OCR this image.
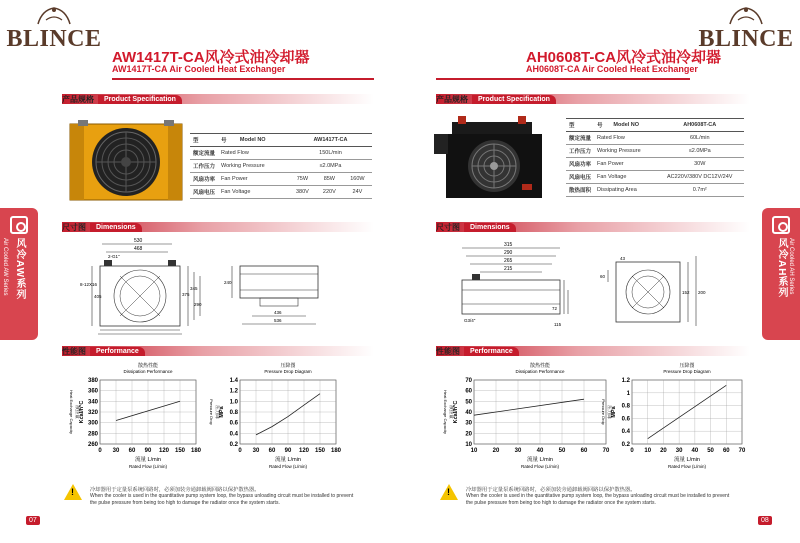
BLINCE
AW1417T-CA风冷式油冷却器
AW1417T-CA Air Cooled Heat Exchanger
产品规格	Product Specification
型	号	Model NO	AW1417T-CA		
额定流量	Rated Flow		150L/min		
工作压力	Working Pressure		≤2.0MPa		
风扇功率	Fan Power		75W	85W	160W
风扇电压	Fan Voltage		380V	220V	24V
尺寸图	Dimensions
530
468
2-G1"
8-12X16
405	375
345
290
240
436
536
性能图	Performance
散热性能
Dissipation Performance
380
360
340
320
300
280
260
0 30 60 90 120 150 180
流量 L/min
Rated Flow (L/min)
Heat Exchange Capacity 散热量 Kcal/h°C
压降图
Pressure Drop Diagram
1.4
1.2
1.0
0.8
0.6
0.4
0.2
0 30 60 90 120 150 180
流量 L/min
Rated Flow (L/min)
Pressure Drop 压力降 MPa
!	冷却器用于定量泵系统回路时，必须加装旁通卸载阀回路以保护散热器。
When the cooler is used in the quantitative pump system loop, the bypass unloading circuit must be installed to prevent
the pulse pressure from being too high to damage the radiator once the system starts.
07
风冷AW系列
Air Cooled AW Series
BLINCE
AH0608T-CA风冷式油冷却器
AH0608T-CA Air Cooled Heat Exchanger
产品规格	Product Specification
型	号	Model NO	AH0608T-CA
额定流量	Rated Flow		60L/min
工作压力	Working Pressure		≤2.0MPa
风扇功率	Fan Power		30W
风扇电压	Fan Voltage		AC220V/380V DC12V/24V
散热面积	Dissipating Area		0.7m²
尺寸图	Dimensions
315
290
265
215
G3/4"
72
115
43
60
152 200
性能图	Performance
散热性能
Dissipation Performance
70
60
50
40
30
20
10
10	20	30	40	50	60	70
流量 L/min
Rated Flow (L/min)
Heat Exchange Capacity 散热量 Kcal/h°C
压降图
Pressure Drop Diagram
1.2
1
0.8
0.6
0.4
0.2
0 10 20 30 40 50 60 70
流量 L/min
Rated Flow (L/min)
Pressure Drop 压力降 MPa
!	冷却器用于定量泵系统回路时，必须加装旁通卸载阀回路以保护散热器。
When the cooler is used in the quantitative pump system loop, the bypass unloading circuit must be installed to prevent
the pulse pressure from being too high to damage the radiator once the system starts.
08
风冷AH系列 Air Cooled AH Series
